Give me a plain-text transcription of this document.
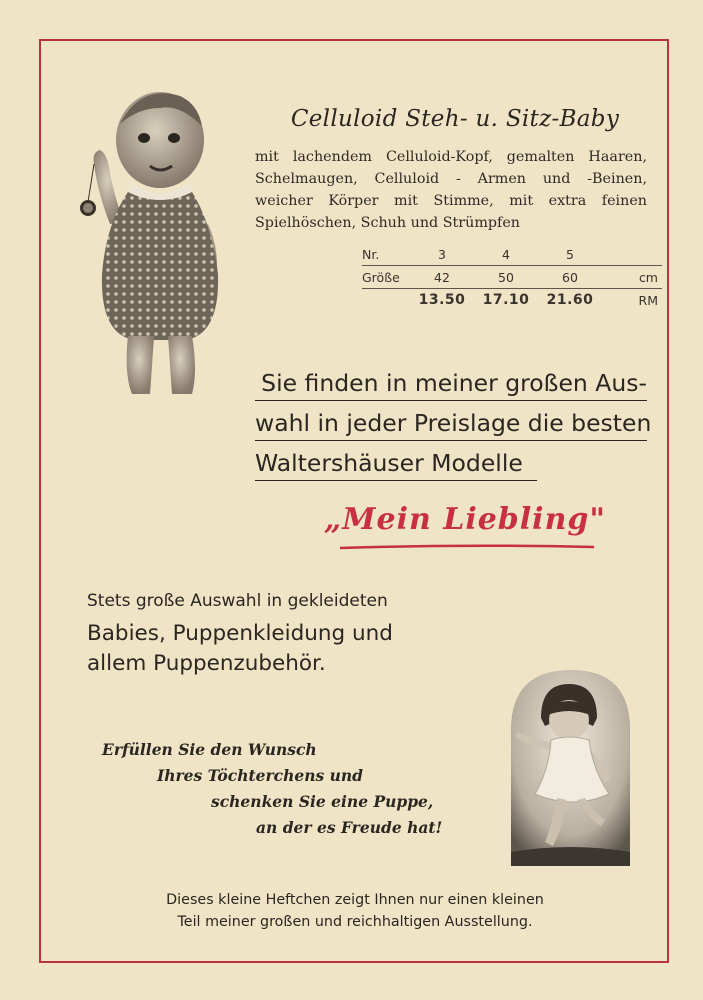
Celluloid Steh- u. Sitz-Baby
mit lachendem Celluloid-Kopf, gemalten Haaren, Schelmaugen, Celluloid - Armen und -Beinen, weicher Körper mit Stimme, mit extra feinen Spielhöschen, Schuh und Strümpfen
Nr.	3	4	5	
Größe	42	50	60	cm
	13.50	17.10	21.60	RM
Sie finden in meiner großen Aus-
wahl in jeder Preislage die besten
Waltershäuser Modelle
„Mein Liebling"
Stets große Auswahl in gekleideten
Babies, Puppenkleidung und
allem Puppenzubehör.
Erfüllen Sie den Wunsch
Ihres Töchterchens und
schenken Sie eine Puppe,
an der es Freude hat!
Dieses kleine Heftchen zeigt Ihnen nur einen kleinen
Teil meiner großen und reichhaltigen Ausstellung.
